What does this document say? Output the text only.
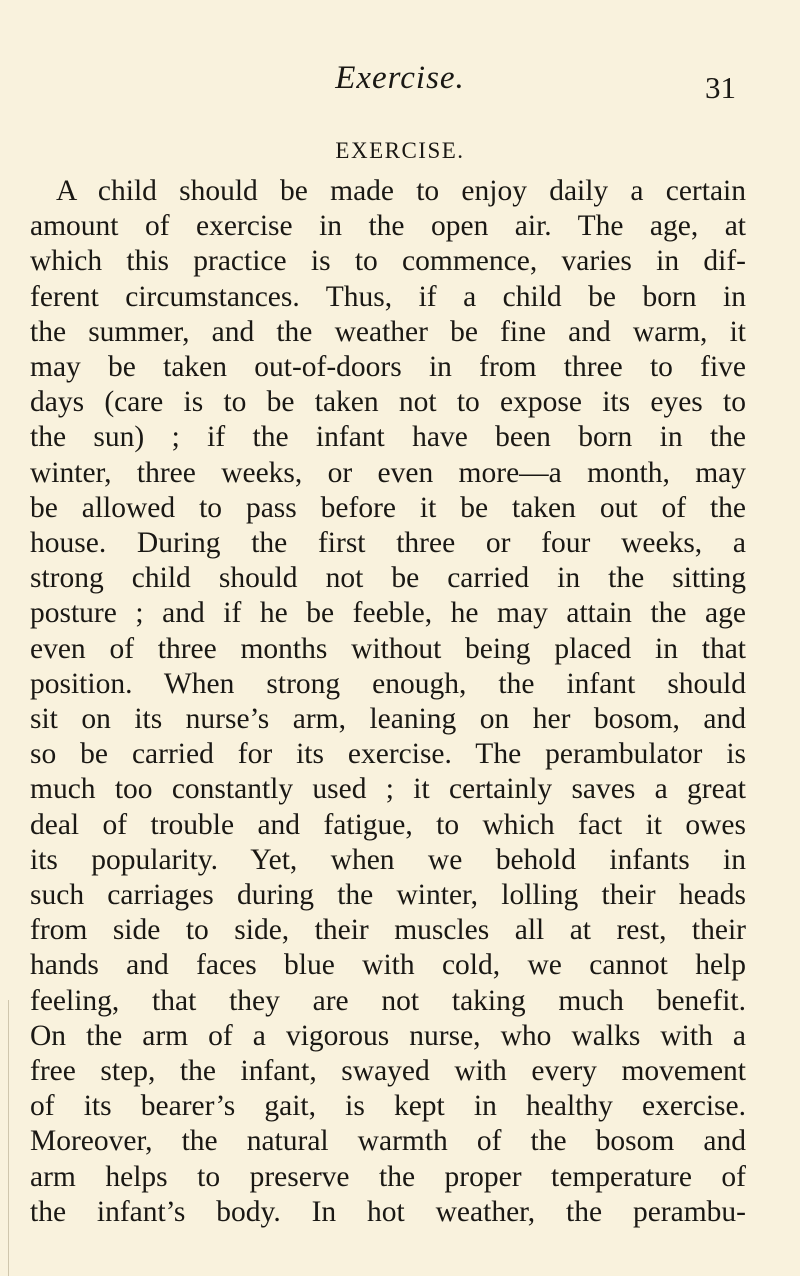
Exercise.	31
EXERCISE.
A child should be made to enjoy daily a certain
amount of exercise in the open air. The age, at
which this practice is to commence, varies in dif-
ferent circumstances. Thus, if a child be born in
the summer, and the weather be fine and warm, it
may be taken out-of-doors in from three to five
days (care is to be taken not to expose its eyes to
the sun) ; if the infant have been born in the
winter, three weeks, or even more—a month, may
be allowed to pass before it be taken out of the
house. During the first three or four weeks, a
strong child should not be carried in the sitting
posture ; and if he be feeble, he may attain the age
even of three months without being placed in that
position. When strong enough, the infant should
sit on its nurse’s arm, leaning on her bosom, and
so be carried for its exercise. The perambulator is
much too constantly used ; it certainly saves a great
deal of trouble and fatigue, to which fact it owes
its popularity. Yet, when we behold infants in
such carriages during the winter, lolling their heads
from side to side, their muscles all at rest, their
hands and faces blue with cold, we cannot help
feeling, that they are not taking much benefit.
On the arm of a vigorous nurse, who walks with a
free step, the infant, swayed with every movement
of its bearer’s gait, is kept in healthy exercise.
Moreover, the natural warmth of the bosom and
arm helps to preserve the proper temperature of
the infant’s body. In hot weather, the perambu-
